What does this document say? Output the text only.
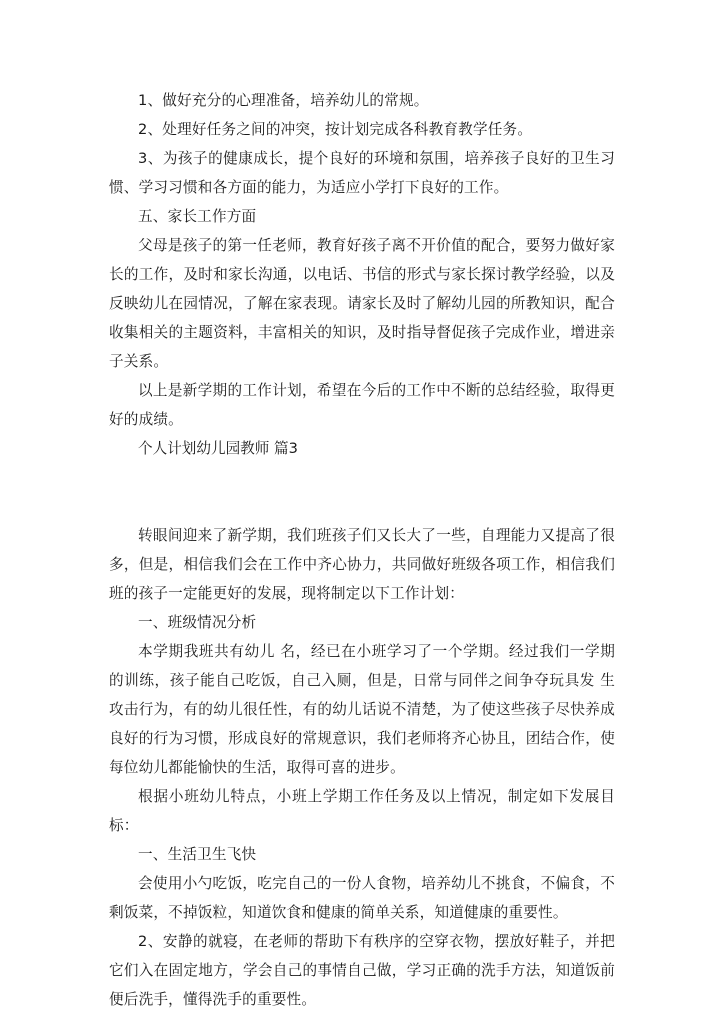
1、做好充分的心理准备，培养幼儿的常规。

2、处理好任务之间的冲突，按计划完成各科教育教学任务。

3、为孩子的健康成长，提个良好的环境和氛围，培养孩子良好的卫生习惯、学习习惯和各方面的能力，为适应小学打下良好的工作。

五、家长工作方面

父母是孩子的第一任老师，教育好孩子离不开价值的配合，要努力做好家长的工作，及时和家长沟通，以电话、书信的形式与家长探讨教学经验，以及反映幼儿在园情况，了解在家表现。请家长及时了解幼儿园的所教知识，配合收集相关的主题资料，丰富相关的知识，及时指导督促孩子完成作业，增进亲子关系。

以上是新学期的工作计划，希望在今后的工作中不断的总结经验，取得更好的成绩。

个人计划幼儿园教师 篇3

转眼间迎来了新学期，我们班孩子们又长大了一些，自理能力又提高了很多，但是，相信我们会在工作中齐心协力，共同做好班级各项工作，相信我们班的孩子一定能更好的发展，现将制定以下工作计划：

一、班级情况分析

本学期我班共有幼儿 名，经已在小班学习了一个学期。经过我们一学期的训练，孩子能自己吃饭，自己入厕，但是，日常与同伴之间争夺玩具发 生攻击行为，有的幼儿很任性，有的幼儿话说不清楚，为了使这些孩子尽快养成良好的行为习惯，形成良好的常规意识，我们老师将齐心协且，团结合作，使每位幼儿都能愉快的生活，取得可喜的进步。

根据小班幼儿特点，小班上学期工作任务及以上情况，制定如下发展目标：

一、生活卫生飞快

会使用小勺吃饭，吃完自己的一份人食物，培养幼儿不挑食，不偏食，不剩饭菜，不掉饭粒，知道饮食和健康的简单关系，知道健康的重要性。

2、安静的就寝，在老师的帮助下有秩序的空穿衣物，摆放好鞋子，并把它们入在固定地方，学会自己的事情自己做，学习正确的洗手方法，知道饭前便后洗手，懂得洗手的重要性。
